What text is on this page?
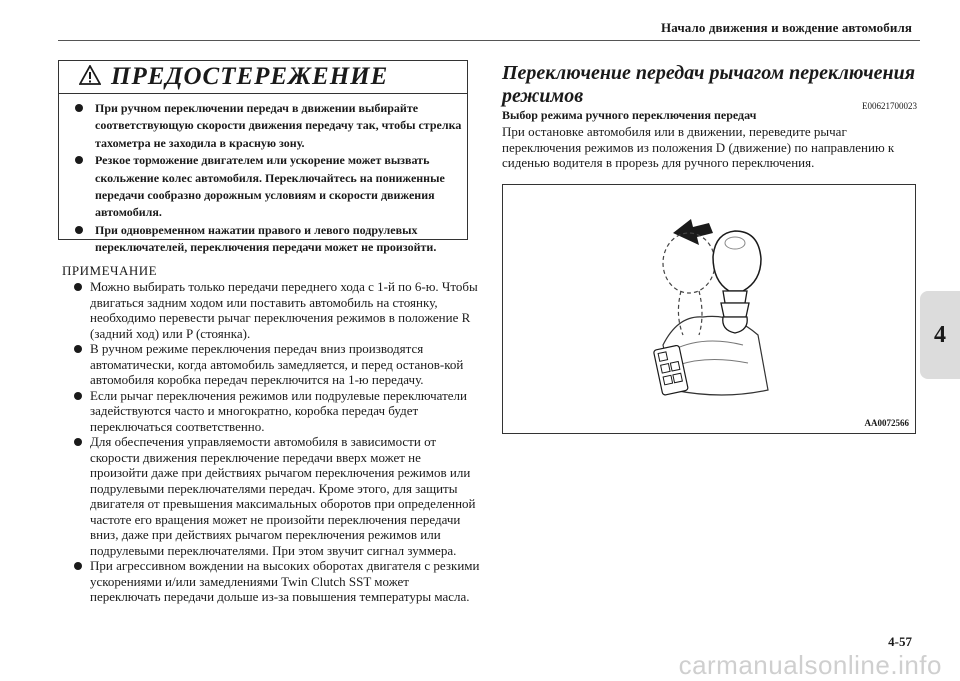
Начало движения и вождение автомобиля
4
ПРЕДОСТЕРЕЖЕНИЕ
При ручном переключении передач в движении выбирайте соответствующую скорости движения передачу так, чтобы стрелка тахометра не заходила в красную зону.
Резкое торможение двигателем или ускорение может вызвать скольжение колес автомобиля. Переключайтесь на пониженные передачи сообразно дорожным условиям и скорости движения автомобиля.
При одновременном нажатии правого и левого подрулевых переключателей, переключения передачи может не произойти.
ПРИМЕЧАНИЕ
Можно выбирать только передачи переднего хода с 1-й по 6-ю. Чтобы двигаться задним ходом или поставить автомобиль на стоянку, необходимо перевести рычаг переключения режимов в положение R (задний ход) или P (стоянка).
В ручном режиме переключения передач вниз производятся автоматически, когда автомобиль замедляется, и перед останов-кой автомобиля коробка передач переключится на 1-ю передачу.
Если рычаг переключения режимов или подрулевые переключатели задействуются часто и многократно, коробка передач будет переключаться соответственно.
Для обеспечения управляемости автомобиля в зависимости от скорости движения переключение передачи вверх может не произойти даже при действиях рычагом переключения режимов или подрулевыми переключателями передач. Кроме этого, для защиты двигателя от превышения максимальных оборотов при определенной частоте его вращения может не произойти переключения передачи вниз, даже при действиях рычагом переключения режимов или подрулевыми переключателями. При этом звучит сигнал зуммера.
При агрессивном вождении на высоких оборотах двигателя с резкими ускорениями и/или замедлениями Twin Clutch SST может переключать передачи дольше из-за повышения температуры масла.
Переключение передач рычагом переключения режимов	E00621700023
Выбор режима ручного переключения передач
При остановке автомобиля или в движении, переведите рычаг переключения режимов из положения D (движение) по направлению к сиденью водителя в прорезь для ручного переключения.
AA0072566
4-57
carmanualsonline.info
